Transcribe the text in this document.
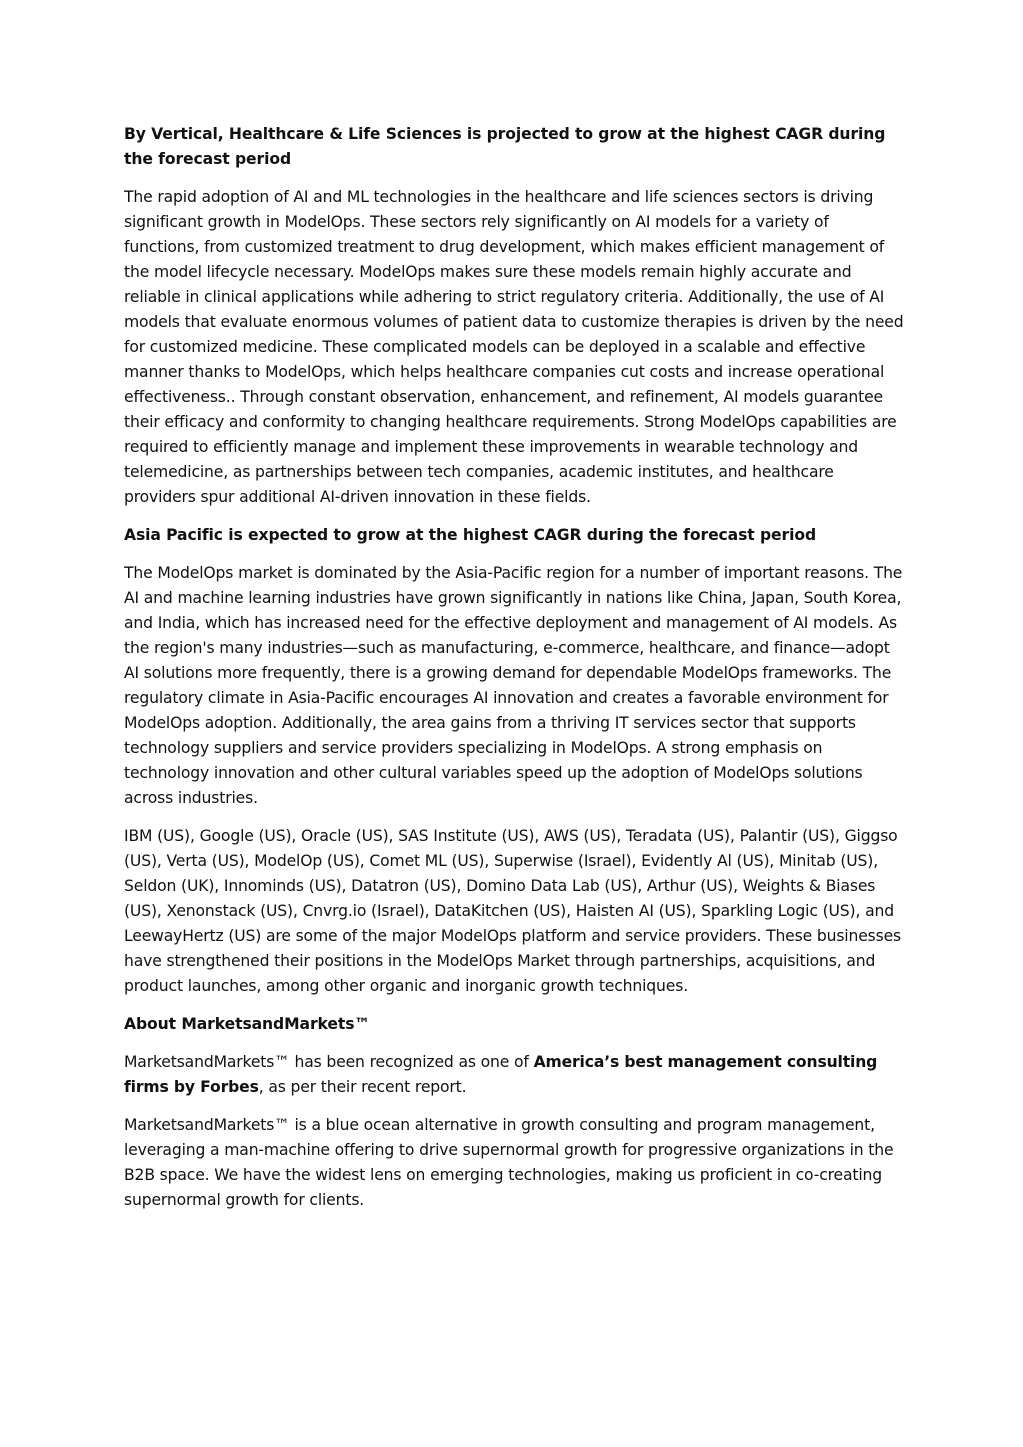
By Vertical, Healthcare & Life Sciences is projected to grow at the highest CAGR during the forecast period

The rapid adoption of AI and ML technologies in the healthcare and life sciences sectors is driving significant growth in ModelOps. These sectors rely significantly on AI models for a variety of functions, from customized treatment to drug development, which makes efficient management of the model lifecycle necessary. ModelOps makes sure these models remain highly accurate and reliable in clinical applications while adhering to strict regulatory criteria. Additionally, the use of AI models that evaluate enormous volumes of patient data to customize therapies is driven by the need for customized medicine. These complicated models can be deployed in a scalable and effective manner thanks to ModelOps, which helps healthcare companies cut costs and increase operational effectiveness.. Through constant observation, enhancement, and refinement, AI models guarantee their efficacy and conformity to changing healthcare requirements. Strong ModelOps capabilities are required to efficiently manage and implement these improvements in wearable technology and telemedicine, as partnerships between tech companies, academic institutes, and healthcare providers spur additional AI-driven innovation in these fields.

Asia Pacific is expected to grow at the highest CAGR during the forecast period

The ModelOps market is dominated by the Asia-Pacific region for a number of important reasons. The AI and machine learning industries have grown significantly in nations like China, Japan, South Korea, and India, which has increased need for the effective deployment and management of AI models. As the region's many industries—such as manufacturing, e-commerce, healthcare, and finance—adopt AI solutions more frequently, there is a growing demand for dependable ModelOps frameworks. The regulatory climate in Asia-Pacific encourages AI innovation and creates a favorable environment for ModelOps adoption. Additionally, the area gains from a thriving IT services sector that supports technology suppliers and service providers specializing in ModelOps. A strong emphasis on technology innovation and other cultural variables speed up the adoption of ModelOps solutions across industries.

IBM (US), Google (US), Oracle (US), SAS Institute (US), AWS (US), Teradata (US), Palantir (US), Giggso (US), Verta (US), ModelOp (US), Comet ML (US), Superwise (Israel), Evidently Al (US), Minitab (US), Seldon (UK), Innominds (US), Datatron (US), Domino Data Lab (US), Arthur (US), Weights & Biases (US), Xenonstack (US), Cnvrg.io (Israel), DataKitchen (US), Haisten AI (US), Sparkling Logic (US), and LeewayHertz (US) are some of the major ModelOps platform and service providers. These businesses have strengthened their positions in the ModelOps Market through partnerships, acquisitions, and product launches, among other organic and inorganic growth techniques.

About MarketsandMarkets™

MarketsandMarkets™ has been recognized as one of America’s best management consulting firms by Forbes, as per their recent report.

MarketsandMarkets™ is a blue ocean alternative in growth consulting and program management, leveraging a man-machine offering to drive supernormal growth for progressive organizations in the B2B space. We have the widest lens on emerging technologies, making us proficient in co-creating supernormal growth for clients.
